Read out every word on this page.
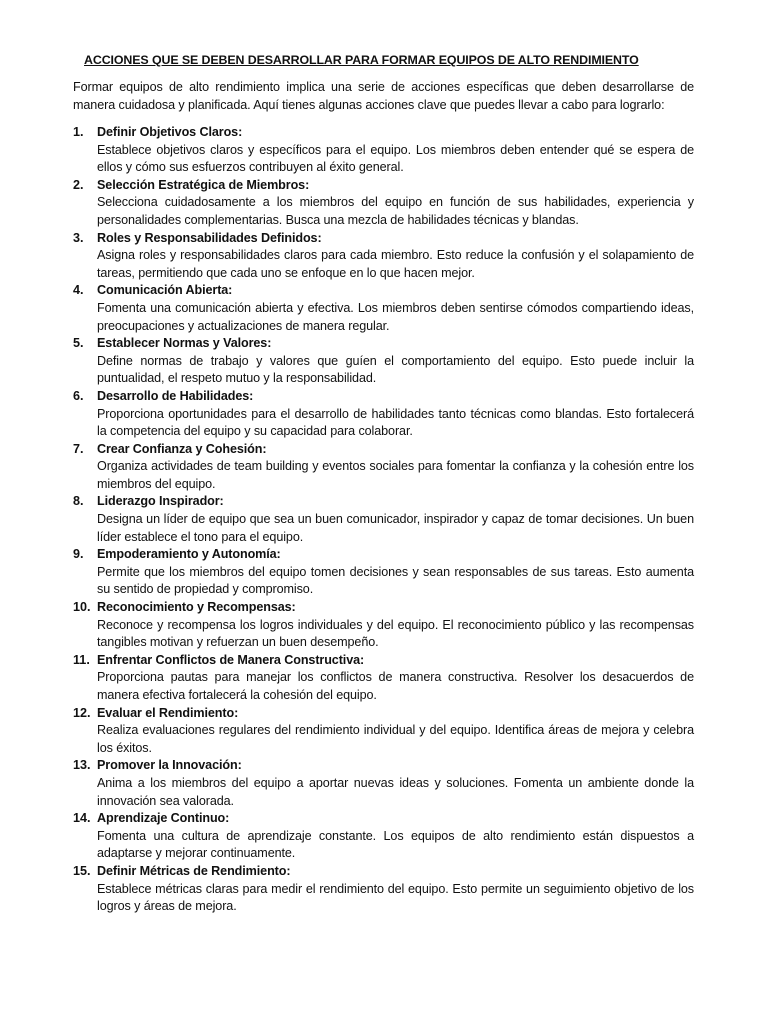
ACCIONES QUE SE DEBEN DESARROLLAR PARA FORMAR EQUIPOS DE ALTO RENDIMIENTO
Formar equipos de alto rendimiento implica una serie de acciones específicas que deben desarrollarse de manera cuidadosa y planificada. Aquí tienes algunas acciones clave que puedes llevar a cabo para lograrlo:
1. Definir Objetivos Claros:
Establece objetivos claros y específicos para el equipo. Los miembros deben entender qué se espera de ellos y cómo sus esfuerzos contribuyen al éxito general.
2. Selección Estratégica de Miembros:
Selecciona cuidadosamente a los miembros del equipo en función de sus habilidades, experiencia y personalidades complementarias. Busca una mezcla de habilidades técnicas y blandas.
3. Roles y Responsabilidades Definidos:
Asigna roles y responsabilidades claros para cada miembro. Esto reduce la confusión y el solapamiento de tareas, permitiendo que cada uno se enfoque en lo que hacen mejor.
4. Comunicación Abierta:
Fomenta una comunicación abierta y efectiva. Los miembros deben sentirse cómodos compartiendo ideas, preocupaciones y actualizaciones de manera regular.
5. Establecer Normas y Valores:
Define normas de trabajo y valores que guíen el comportamiento del equipo. Esto puede incluir la puntualidad, el respeto mutuo y la responsabilidad.
6. Desarrollo de Habilidades:
Proporciona oportunidades para el desarrollo de habilidades tanto técnicas como blandas. Esto fortalecerá la competencia del equipo y su capacidad para colaborar.
7. Crear Confianza y Cohesión:
Organiza actividades de team building y eventos sociales para fomentar la confianza y la cohesión entre los miembros del equipo.
8. Liderazgo Inspirador:
Designa un líder de equipo que sea un buen comunicador, inspirador y capaz de tomar decisiones. Un buen líder establece el tono para el equipo.
9. Empoderamiento y Autonomía:
Permite que los miembros del equipo tomen decisiones y sean responsables de sus tareas. Esto aumenta su sentido de propiedad y compromiso.
10. Reconocimiento y Recompensas:
Reconoce y recompensa los logros individuales y del equipo. El reconocimiento público y las recompensas tangibles motivan y refuerzan un buen desempeño.
11. Enfrentar Conflictos de Manera Constructiva:
Proporciona pautas para manejar los conflictos de manera constructiva. Resolver los desacuerdos de manera efectiva fortalecerá la cohesión del equipo.
12. Evaluar el Rendimiento:
Realiza evaluaciones regulares del rendimiento individual y del equipo. Identifica áreas de mejora y celebra los éxitos.
13. Promover la Innovación:
Anima a los miembros del equipo a aportar nuevas ideas y soluciones. Fomenta un ambiente donde la innovación sea valorada.
14. Aprendizaje Continuo:
Fomenta una cultura de aprendizaje constante. Los equipos de alto rendimiento están dispuestos a adaptarse y mejorar continuamente.
15. Definir Métricas de Rendimiento:
Establece métricas claras para medir el rendimiento del equipo. Esto permite un seguimiento objetivo de los logros y áreas de mejora.
